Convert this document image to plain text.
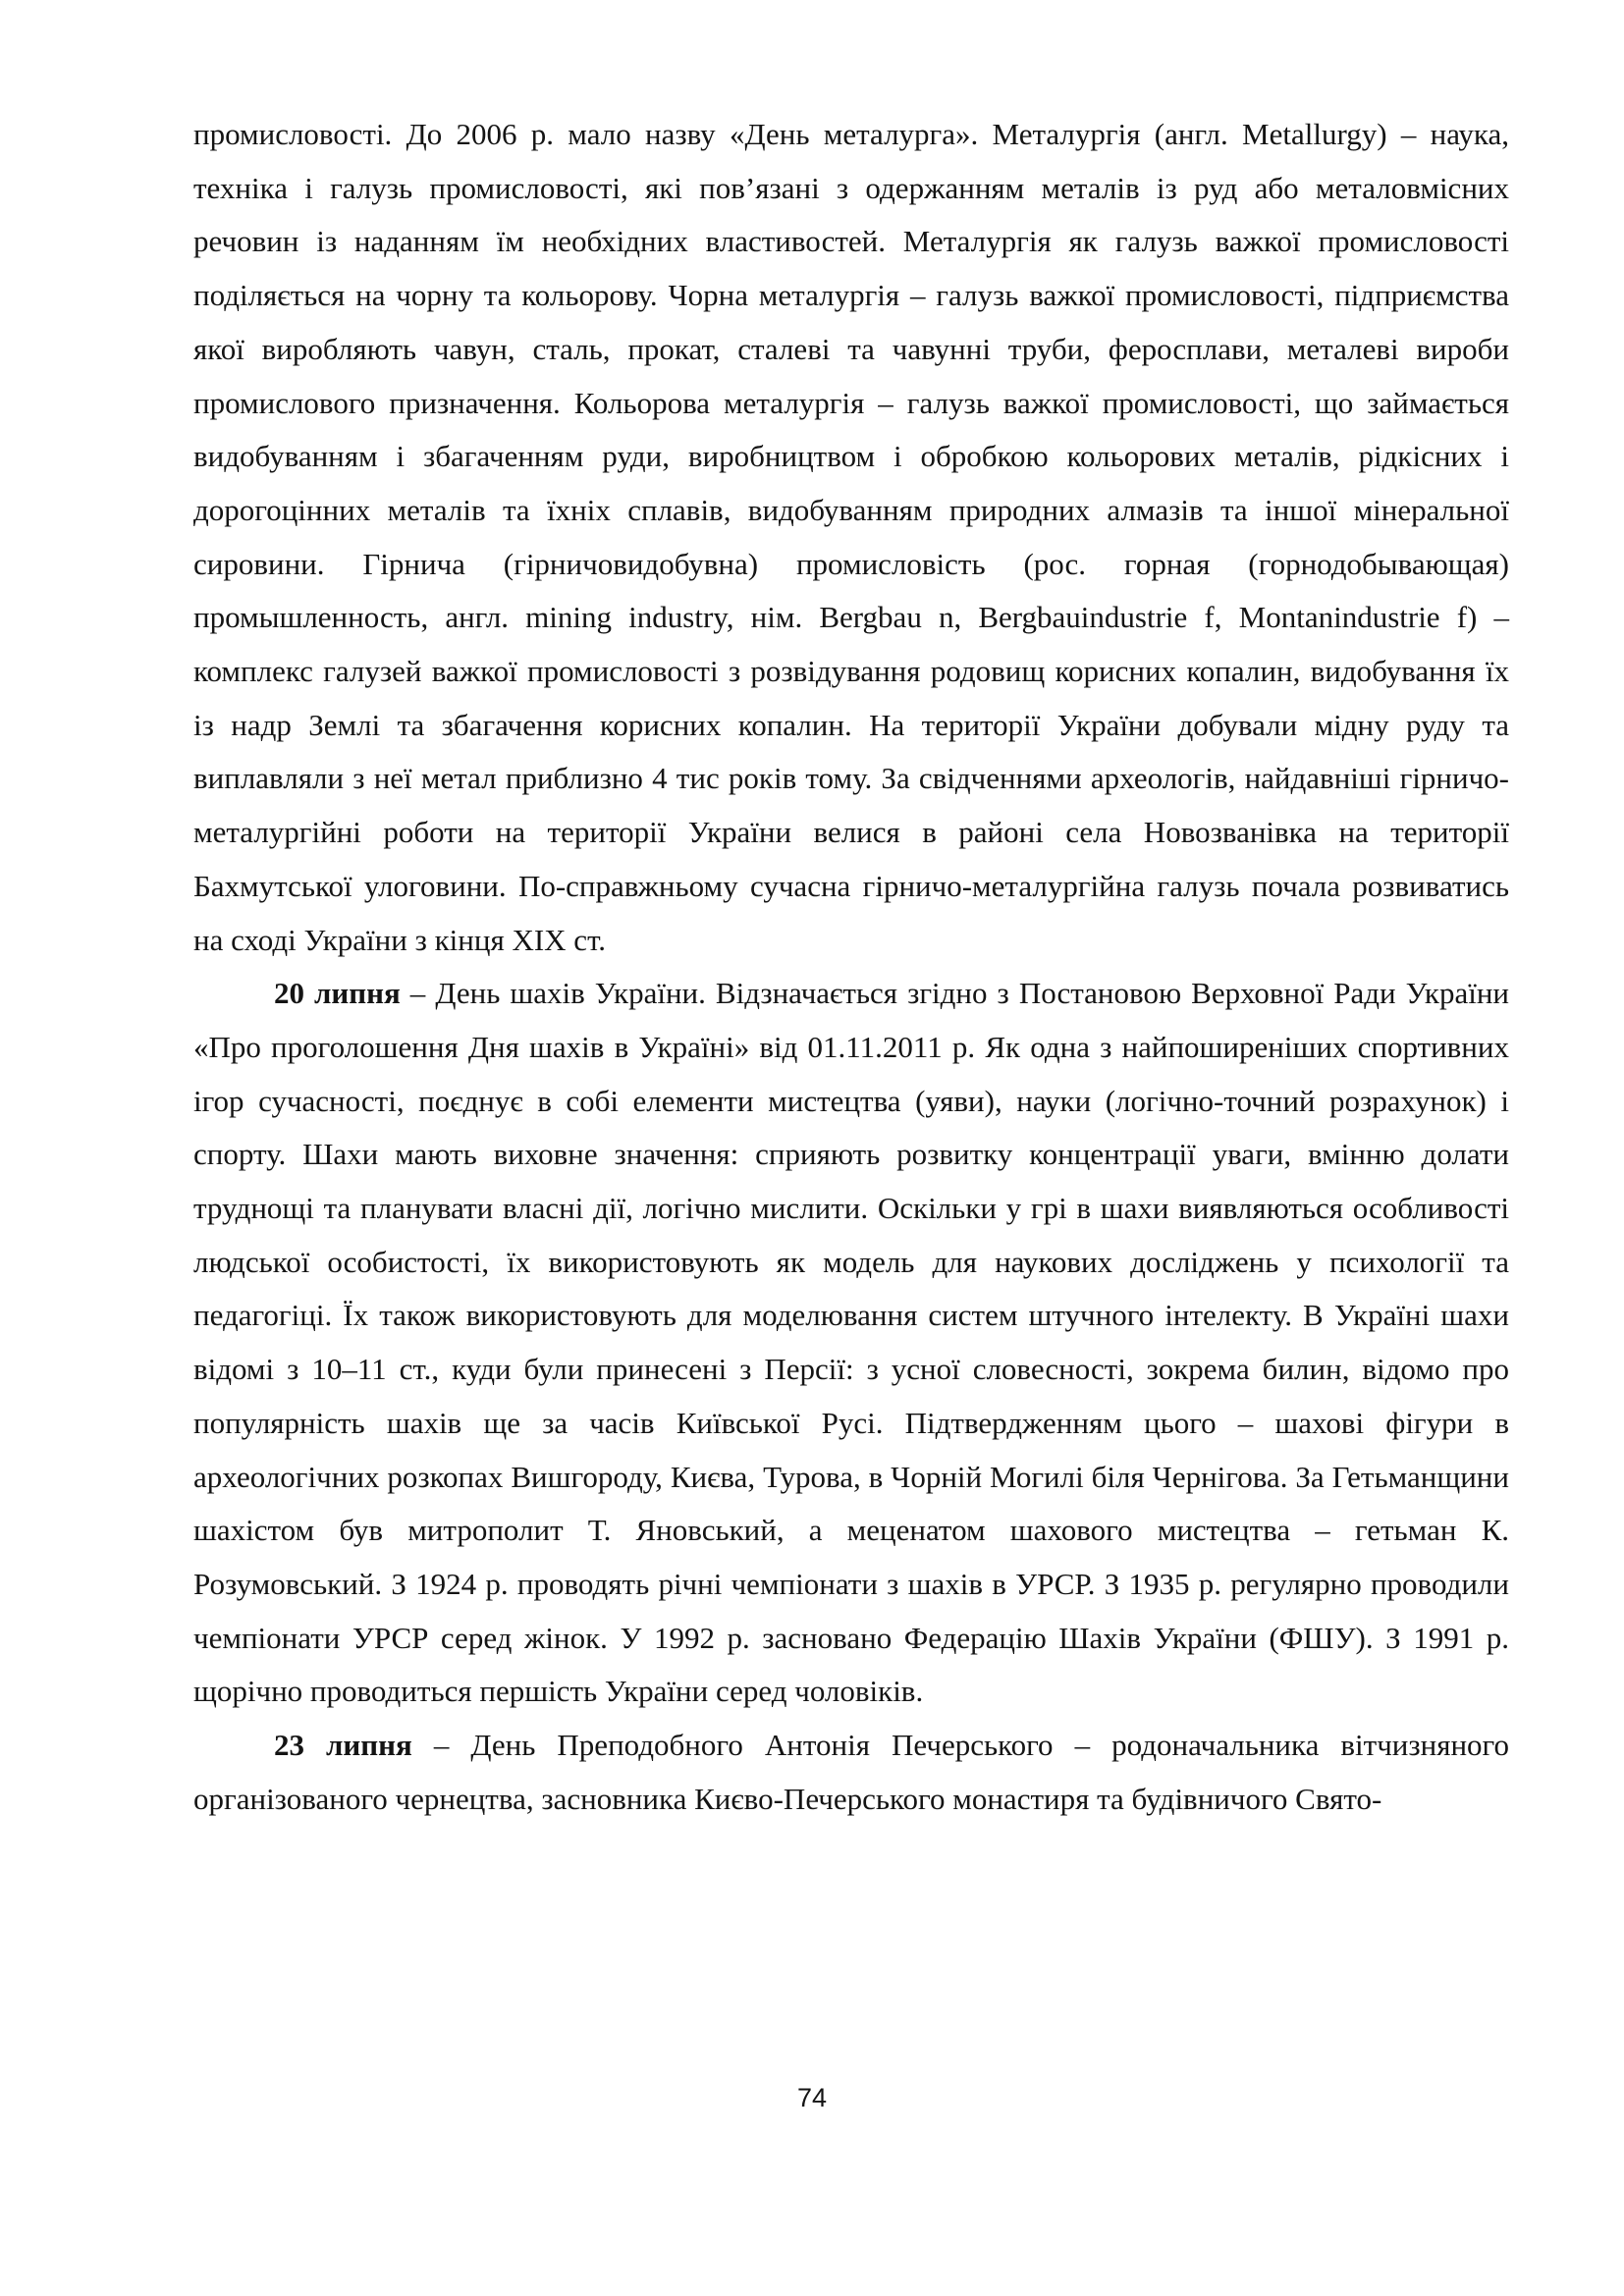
промисловості. До 2006 р. мало назву «День металурга». Металургія (англ. Metallurgy) – наука, техніка і галузь промисловості, які пов’язані з одержанням металів із руд або металовмісних речовин із наданням їм необхідних властивостей. Металургія як галузь важкої промисловості поділяється на чорну та кольорову. Чорна металургія – галузь важкої промисловості, підприємства якої виробляють чавун, сталь, прокат, сталеві та чавунні труби, феросплави, металеві вироби промислового призначення. Кольорова металургія – галузь важкої промисловості, що займається видобуванням і збагаченням руди, виробництвом і обробкою кольорових металів, рідкісних і дорогоцінних металів та їхніх сплавів, видобуванням природних алмазів та іншої мінеральної сировини. Гірнича (гірничовидобувна) промисловість (рос. горная (горнодобывающая) промышленность, англ. mining industry, нім. Bergbau n, Bergbauindustrie f, Montanindustrie f) – комплекс галузей важкої промисловості з розвідування родовищ корисних копалин, видобування їх із надр Землі та збагачення корисних копалин. На території України добували мідну руду та виплавляли з неї метал приблизно 4 тис років тому. За свідченнями археологів, найдавніші гірничо-металургійні роботи на території України велися в районі села Новозванівка на території Бахмутської улоговини. По-справжньому сучасна гірничо-металургійна галузь почала розвиватись на сході України з кінця XIX ст.

20 липня – День шахів України. Відзначається згідно з Постановою Верховної Ради України «Про проголошення Дня шахів в Україні» від 01.11.2011 р. Як одна з найпоширеніших спортивних ігор сучасності, поєднує в собі елементи мистецтва (уяви), науки (логічно-точний розрахунок) і спорту. Шахи мають виховне значення: сприяють розвитку концентрації уваги, вмінню долати труднощі та планувати власні дії, логічно мислити. Оскільки у грі в шахи виявляються особливості людської особистості, їх використовують як модель для наукових досліджень у психології та педагогіці. Їх також використовують для моделювання систем штучного інтелекту. В Україні шахи відомі з 10–11 ст., куди були принесені з Персії: з усної словесності, зокрема билин, відомо про популярність шахів ще за часів Київської Русі. Підтвердженням цього – шахові фігури в археологічних розкопах Вишгороду, Києва, Турова, в Чорній Могилі біля Чернігова. За Гетьманщини шахістом був митрополит Т. Яновський, а меценатом шахового мистецтва – гетьман К. Розумовський. З 1924 р. проводять річні чемпіонати з шахів в УРСР. З 1935 р. регулярно проводили чемпіонати УРСР серед жінок. У 1992 р. засновано Федерацію Шахів України (ФШУ). З 1991 р. щорічно проводиться першість України серед чоловіків.

23 липня – День Преподобного Антонія Печерського – родоначальника вітчизняного організованого чернецтва, засновника Києво-Печерського монастиря та будівничого Свято-

74
